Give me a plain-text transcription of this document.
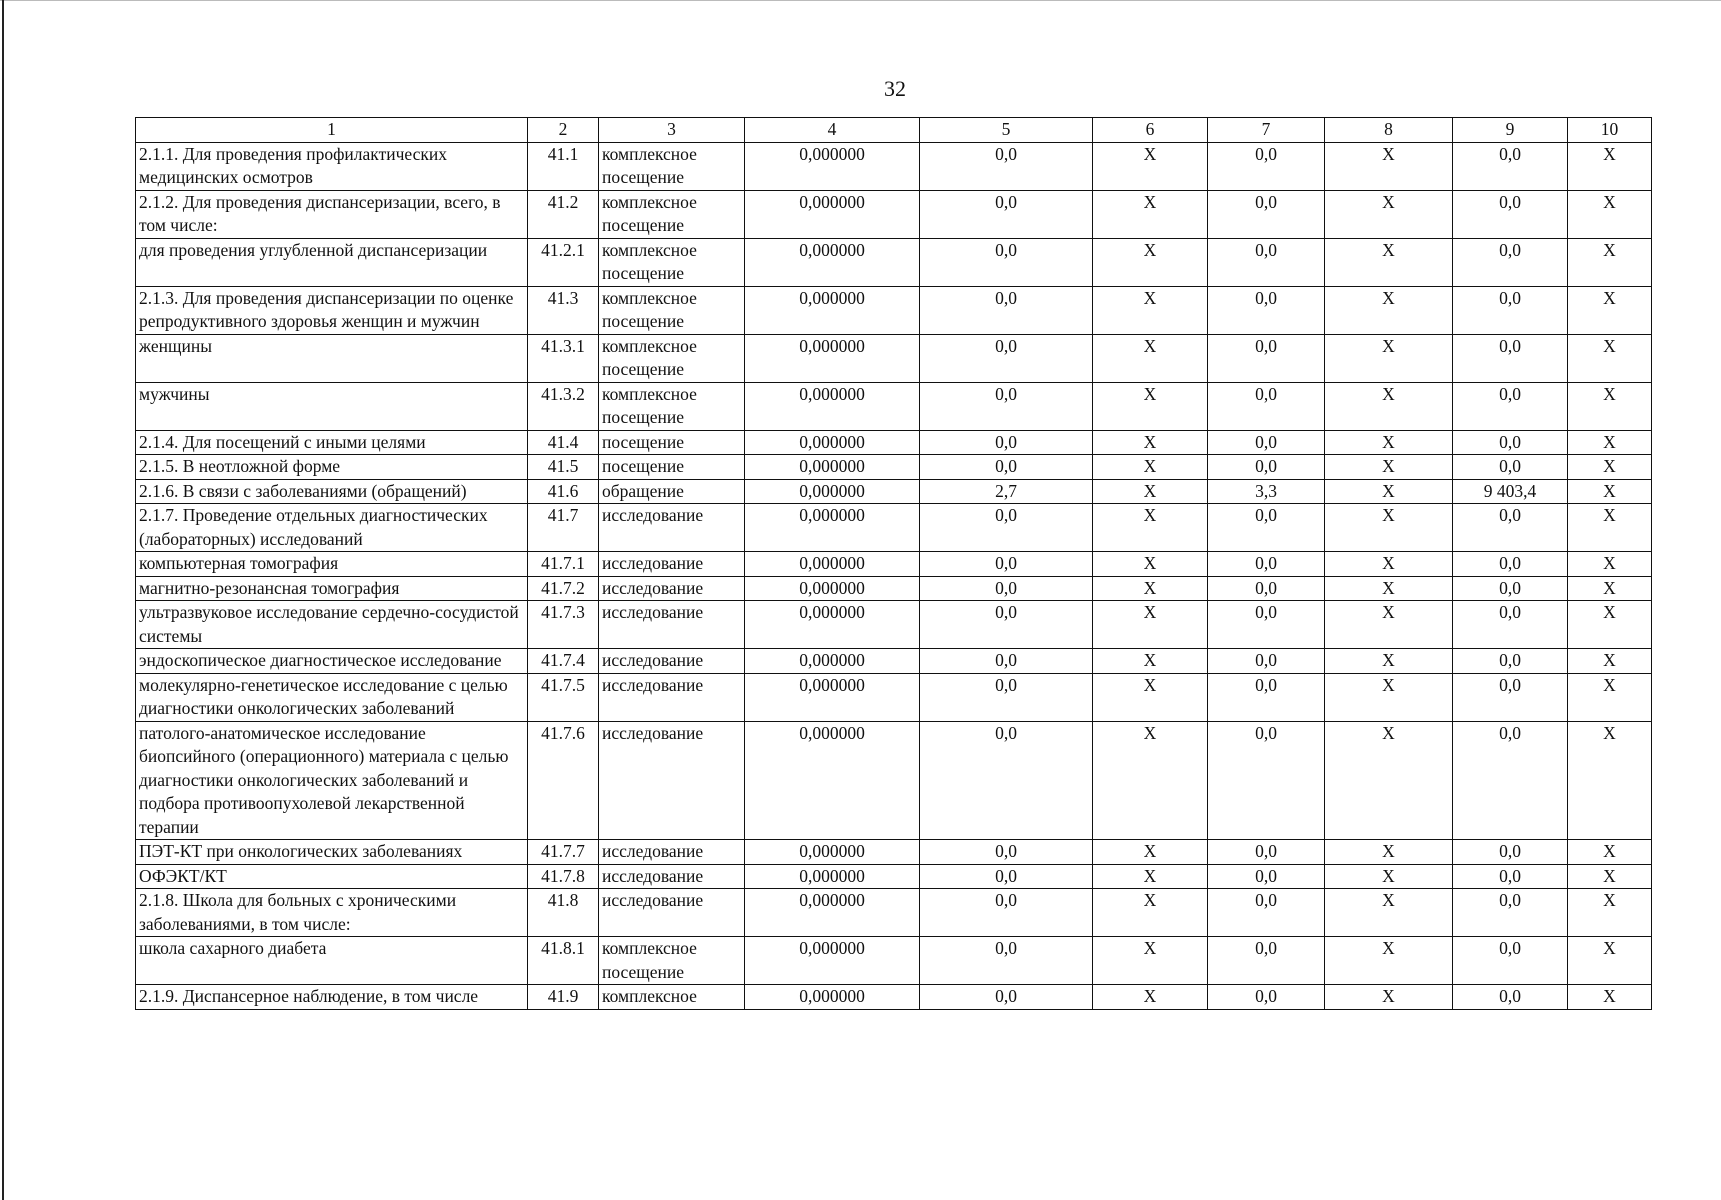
32
1	2	3	4	5	6	7	8	9	10
2.1.1. Для проведения профилактических медицинских осмотров	41.1	комплексное посещение	0,000000	0,0	X	0,0	X	0,0	X
2.1.2. Для проведения диспансеризации, всего, в том числе:	41.2	комплексное посещение	0,000000	0,0	X	0,0	X	0,0	X
для проведения углубленной диспансеризации	41.2.1	комплексное посещение	0,000000	0,0	X	0,0	X	0,0	X
2.1.3. Для проведения диспансеризации по оценке репродуктивного здоровья женщин и мужчин	41.3	комплексное посещение	0,000000	0,0	X	0,0	X	0,0	X
женщины	41.3.1	комплексное посещение	0,000000	0,0	X	0,0	X	0,0	X
мужчины	41.3.2	комплексное посещение	0,000000	0,0	X	0,0	X	0,0	X
2.1.4. Для посещений с иными целями	41.4	посещение	0,000000	0,0	X	0,0	X	0,0	X
2.1.5. В неотложной форме	41.5	посещение	0,000000	0,0	X	0,0	X	0,0	X
2.1.6. В связи с заболеваниями (обращений)	41.6	обращение	0,000000	2,7	X	3,3	X	9 403,4	X
2.1.7. Проведение отдельных диагностических (лабораторных) исследований	41.7	исследование	0,000000	0,0	X	0,0	X	0,0	X
компьютерная томография	41.7.1	исследование	0,000000	0,0	X	0,0	X	0,0	X
магнитно-резонансная томография	41.7.2	исследование	0,000000	0,0	X	0,0	X	0,0	X
ультразвуковое исследование сердечно-сосудистой системы	41.7.3	исследование	0,000000	0,0	X	0,0	X	0,0	X
эндоскопическое диагностическое исследование	41.7.4	исследование	0,000000	0,0	X	0,0	X	0,0	X
молекулярно-генетическое исследование с целью диагностики онкологических заболеваний	41.7.5	исследование	0,000000	0,0	X	0,0	X	0,0	X
патолого-анатомическое исследование биопсийного (операционного) материала с целью диагностики онкологических заболеваний и подбора противоопухолевой лекарственной терапии	41.7.6	исследование	0,000000	0,0	X	0,0	X	0,0	X
ПЭТ-КТ при онкологических заболеваниях	41.7.7	исследование	0,000000	0,0	X	0,0	X	0,0	X
ОФЭКТ/КТ	41.7.8	исследование	0,000000	0,0	X	0,0	X	0,0	X
2.1.8. Школа для больных с хроническими заболеваниями, в том числе:	41.8	исследование	0,000000	0,0	X	0,0	X	0,0	X
школа сахарного диабета	41.8.1	комплексное посещение	0,000000	0,0	X	0,0	X	0,0	X
2.1.9. Диспансерное наблюдение, в том числе	41.9	комплексное	0,000000	0,0	X	0,0	X	0,0	X
